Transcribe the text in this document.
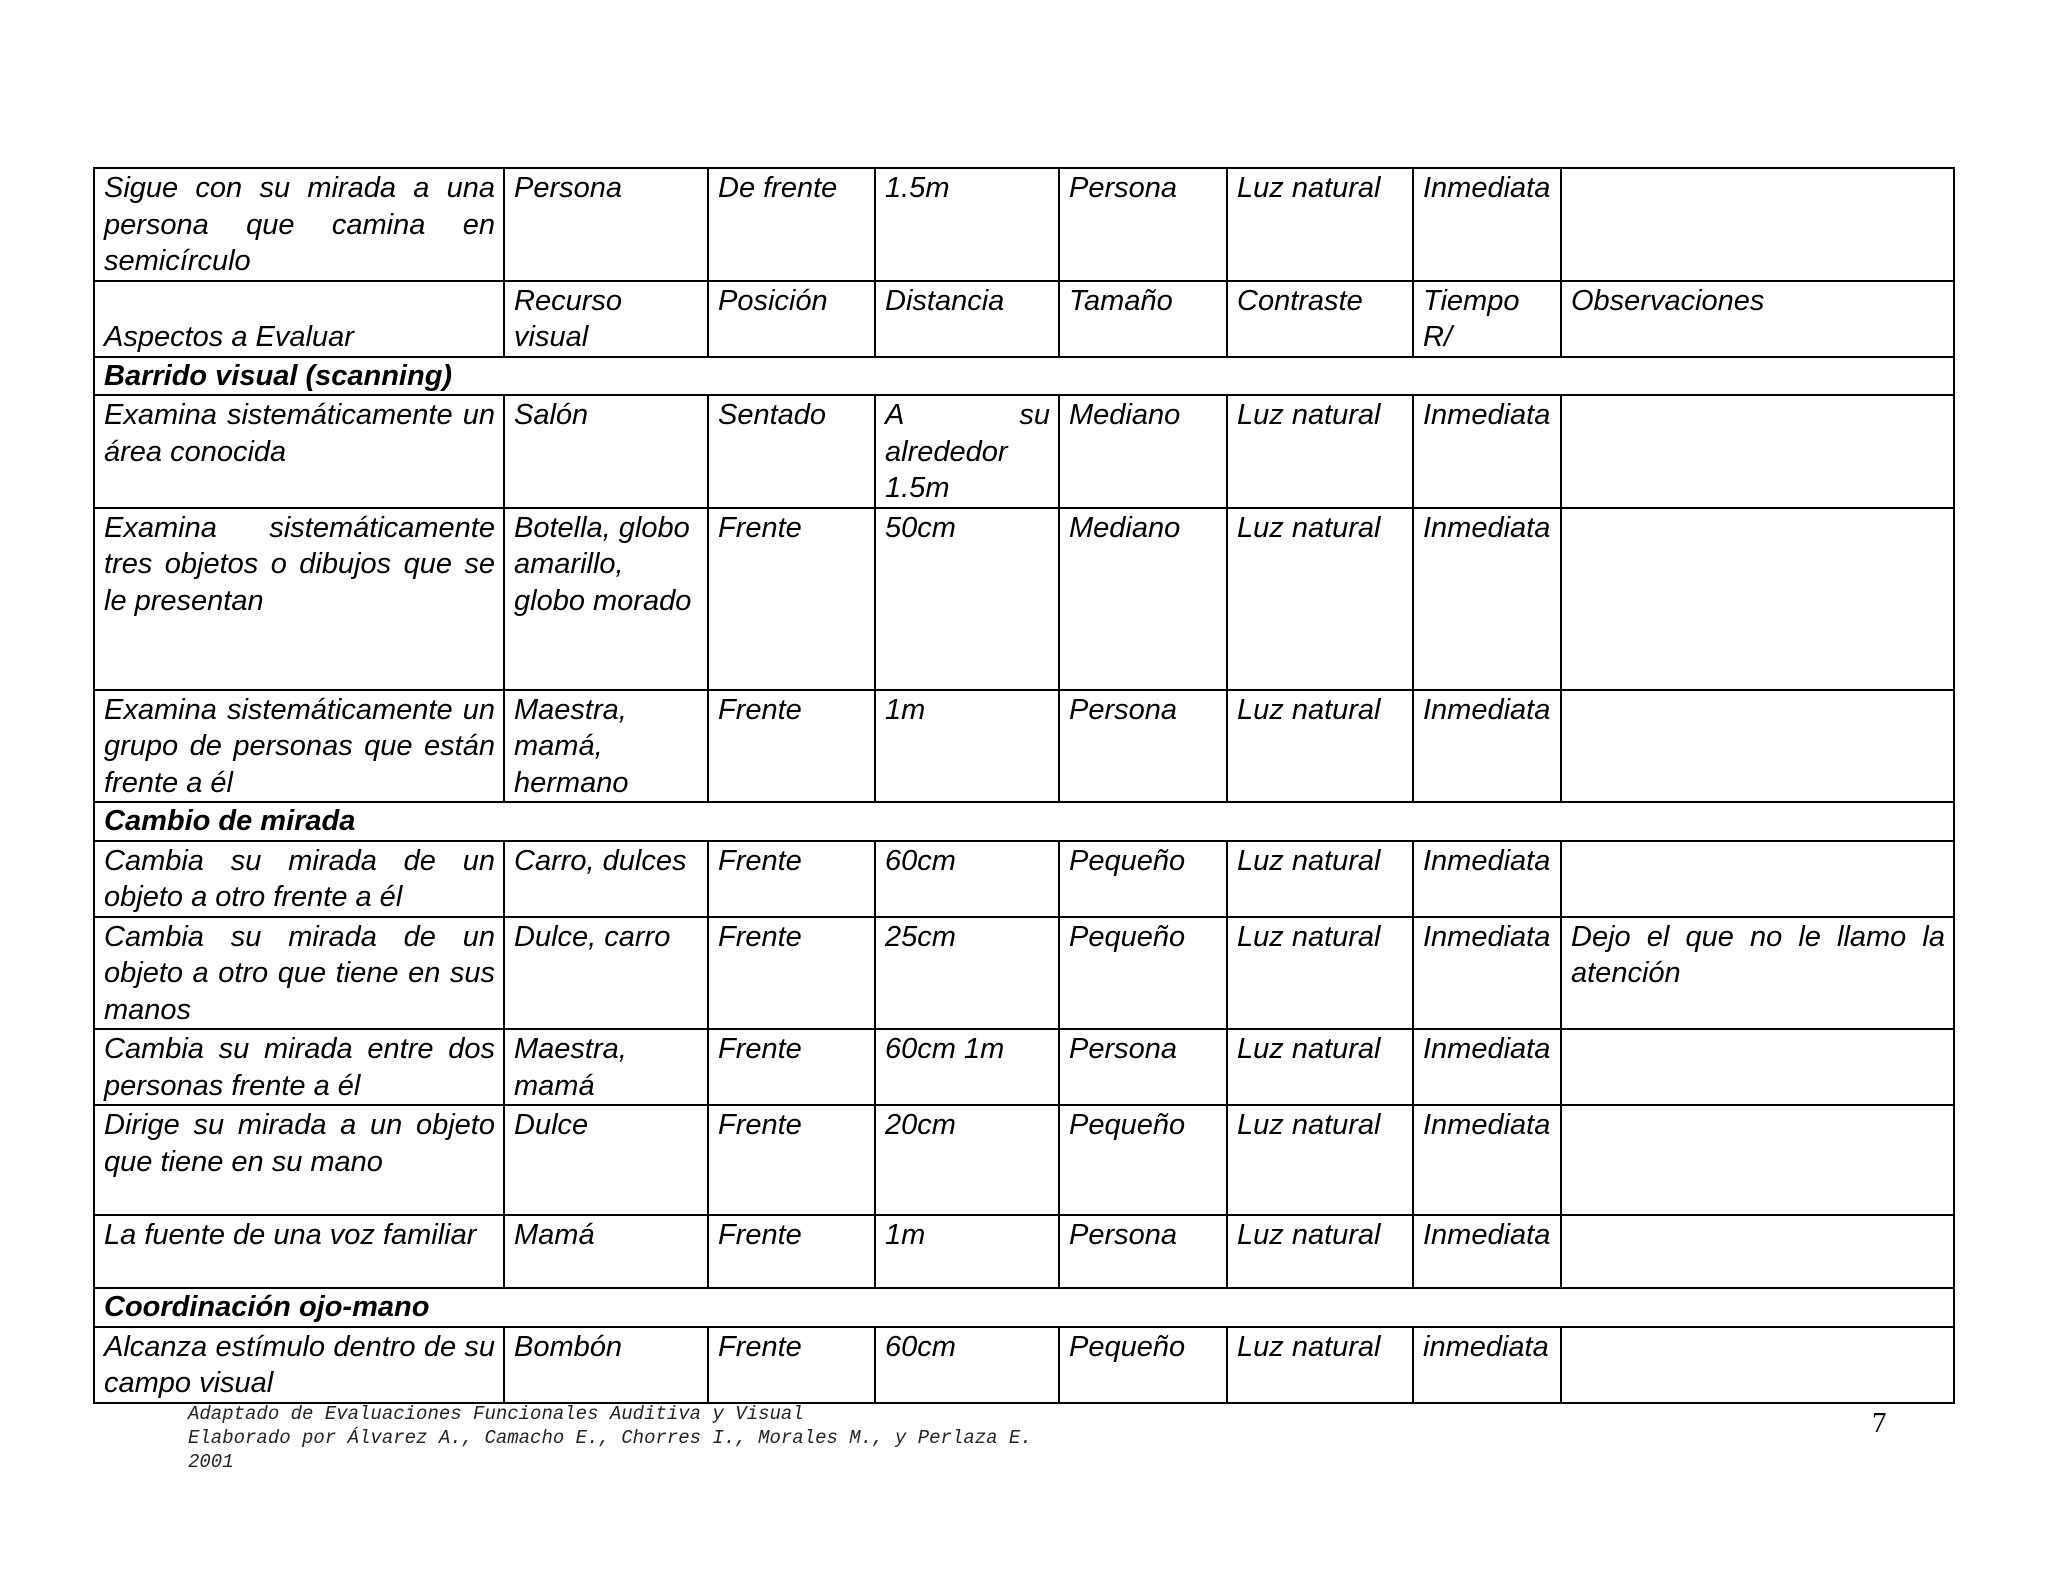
Sigue con su mirada a una persona que camina en semicírculo	Persona	De frente	1.5m	Persona	Luz natural	Inmediata	
Aspectos a Evaluar	Recurso visual	Posición	Distancia	Tamaño	Contraste	Tiempo R/	Observaciones
Barrido visual (scanning)							
Examina sistemáticamente un área conocida	Salón	Sentado	A su alrededor 1.5m	Mediano	Luz natural	Inmediata	
Examina sistemáticamente tres objetos o dibujos que se le presentan	Botella, globo amarillo, globo morado	Frente	50cm	Mediano	Luz natural	Inmediata	
Examina sistemáticamente un grupo de personas que están frente a él	Maestra, mamá, hermano	Frente	1m	Persona	Luz natural	Inmediata	
Cambio de mirada							
Cambia su mirada de un objeto a otro frente a él	Carro, dulces	Frente	60cm	Pequeño	Luz natural	Inmediata	
Cambia su mirada de un objeto a otro que tiene en sus manos	Dulce, carro	Frente	25cm	Pequeño	Luz natural	Inmediata	Dejo el que no le llamo la atención
Cambia su mirada entre dos personas frente a él	Maestra, mamá	Frente	60cm 1m	Persona	Luz natural	Inmediata	
Dirige su mirada a un objeto que tiene en su mano	Dulce	Frente	20cm	Pequeño	Luz natural	Inmediata	
La fuente de una voz familiar	Mamá	Frente	1m	Persona	Luz natural	Inmediata	
Coordinación ojo-mano							
Alcanza estímulo dentro de su campo visual	Bombón	Frente	60cm	Pequeño	Luz natural	inmediata	
Adaptado de Evaluaciones Funcionales Auditiva y Visual
Elaborado por Álvarez A., Camacho E., Chorres I., Morales M., y Perlaza E.
2001
7
